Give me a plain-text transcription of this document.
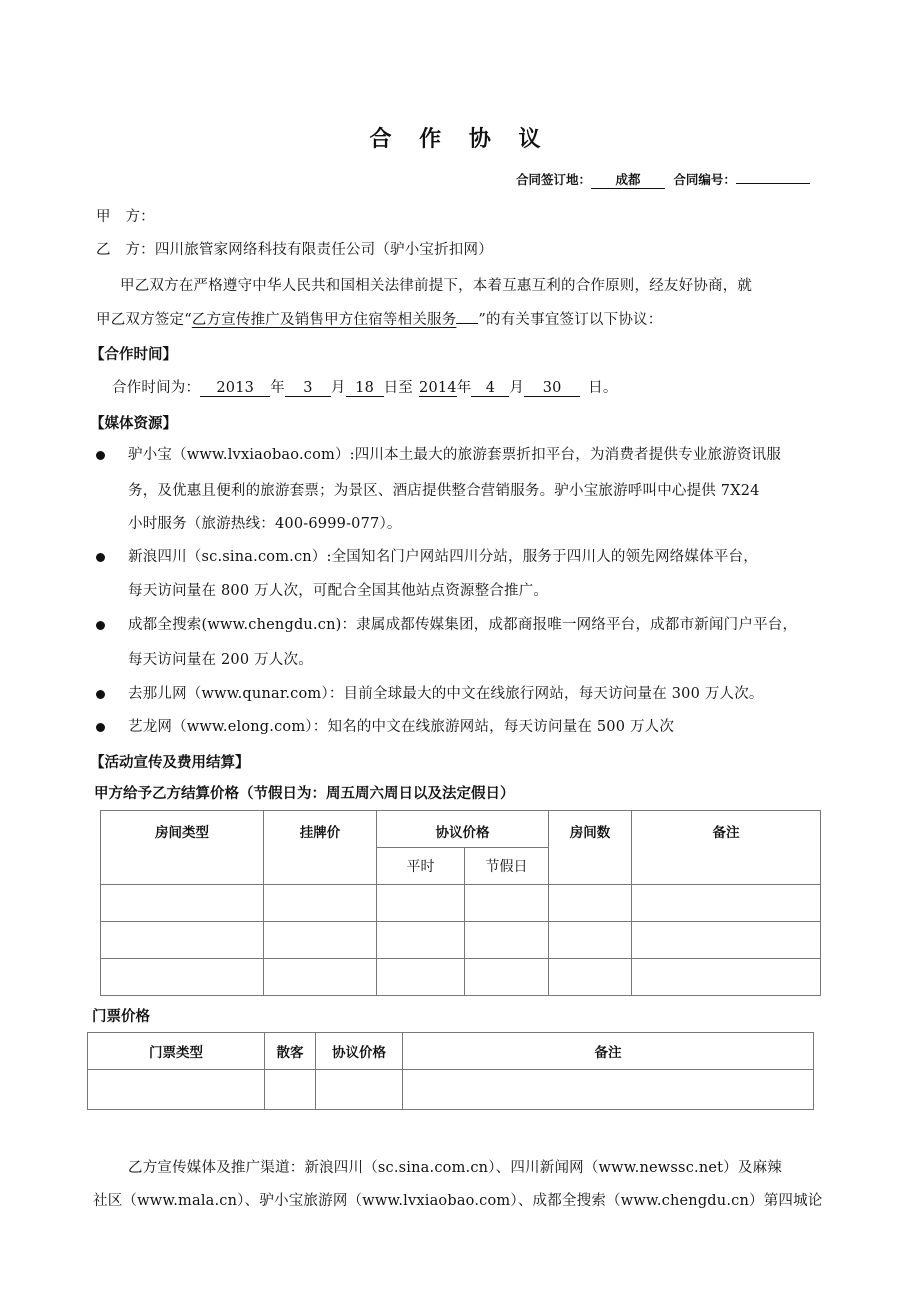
合 作 协 议
合同签订地： 成都	合同编号：
甲　方：
乙　方：四川旅管家网络科技有限责任公司（驴小宝折扣网）
甲乙双方在严格遵守中华人民共和国相关法律前提下，本着互惠互利的合作原则，经友好协商，就
甲乙双方签定“乙方宣传推广及销售甲方住宿等相关服务 ”的有关事宜签订以下协议：
【合作时间】
合作时间为： 2013 年 3 月 18 日至 2014年 4 月 30 日。
【媒体资源】
驴小宝（www.lvxiaobao.com）:四川本土最大的旅游套票折扣平台，为消费者提供专业旅游资讯服
务，及优惠且便利的旅游套票；为景区、酒店提供整合营销服务。驴小宝旅游呼叫中心提供 7X24
小时服务（旅游热线：400-6999-077）。
新浪四川（sc.sina.com.cn）:全国知名门户网站四川分站，服务于四川人的领先网络媒体平台，
每天访问量在 800 万人次，可配合全国其他站点资源整合推广。
成都全搜索(www.chengdu.cn)：隶属成都传媒集团，成都商报唯一网络平台，成都市新闻门户平台，
每天访问量在 200 万人次。
去那儿网（www.qunar.com）：目前全球最大的中文在线旅行网站，每天访问量在 300 万人次。
艺龙网（www.elong.com）：知名的中文在线旅游网站，每天访问量在 500 万人次
【活动宣传及费用结算】
甲方给予乙方结算价格（节假日为：周五周六周日以及法定假日）
房间类型	挂牌价	协议价格		房间数	备注
		平时	节假日		

门票价格
门票类型	散客	协议价格	备注

乙方宣传媒体及推广渠道：新浪四川（sc.sina.com.cn）、四川新闻网（www.newssc.net）及麻辣
社区（www.mala.cn）、驴小宝旅游网（www.lvxiaobao.com）、成都全搜索（www.chengdu.cn）第四城论
